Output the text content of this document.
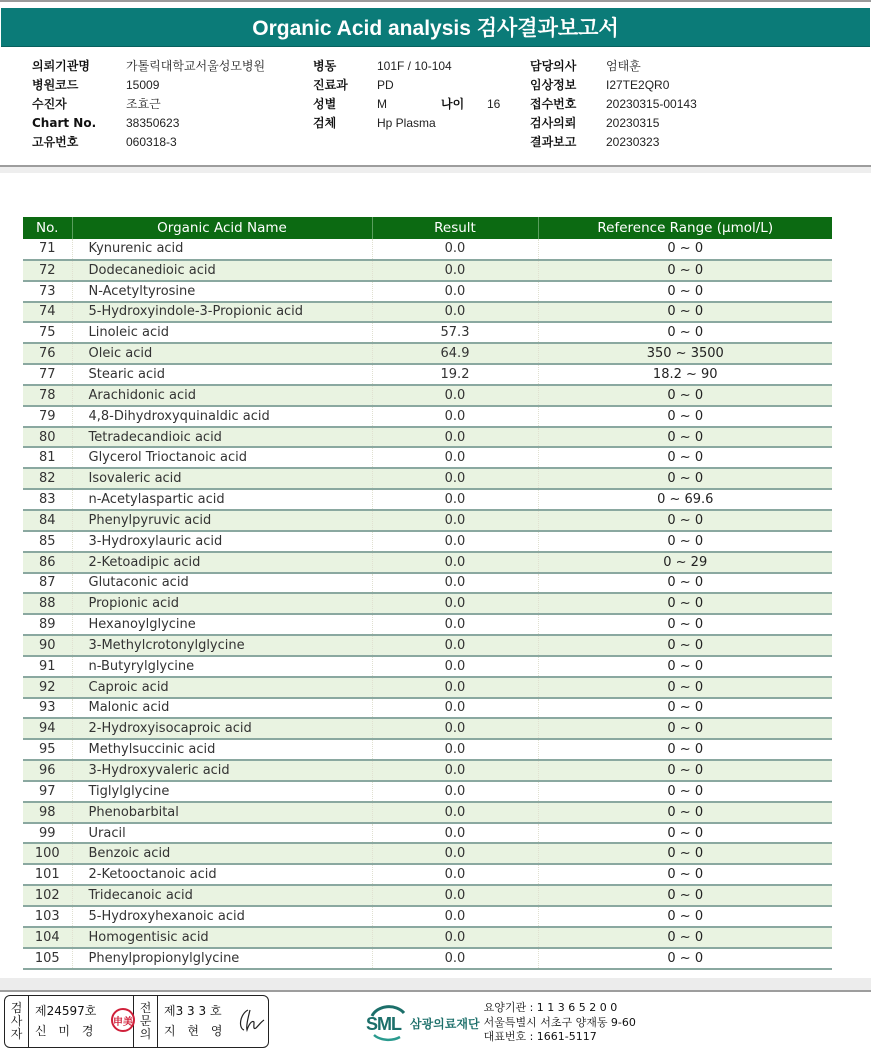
Organic Acid analysis 검사결과보고서
의뢰기관명	가톨릭대학교서울성모병원
병원코드	15009
수진자	조효근
Chart No.	38350623
고유번호	060318-3
병동	101F / 10-104
진료과	PD
성별	M	나이	16
검체	Hp Plasma
담당의사	엄태훈
임상정보	I27TE2QR0
접수번호	20230315-00143
검사의뢰	20230315
결과보고	20230323
No.	Organic Acid Name	Result	Reference Range (μmol/L)
71	Kynurenic acid	0.0	0 ~ 0
72	Dodecanedioic acid	0.0	0 ~ 0
73	N-Acetyltyrosine	0.0	0 ~ 0
74	5-Hydroxyindole-3-Propionic acid	0.0	0 ~ 0
75	Linoleic acid	57.3	0 ~ 0
76	Oleic acid	64.9	350 ~ 3500
77	Stearic acid	19.2	18.2 ~ 90
78	Arachidonic acid	0.0	0 ~ 0
79	4,8-Dihydroxyquinaldic acid	0.0	0 ~ 0
80	Tetradecandioic acid	0.0	0 ~ 0
81	Glycerol Trioctanoic acid	0.0	0 ~ 0
82	Isovaleric acid	0.0	0 ~ 0
83	n-Acetylaspartic acid	0.0	0 ~ 69.6
84	Phenylpyruvic acid	0.0	0 ~ 0
85	3-Hydroxylauric acid	0.0	0 ~ 0
86	2-Ketoadipic acid	0.0	0 ~ 29
87	Glutaconic acid	0.0	0 ~ 0
88	Propionic acid	0.0	0 ~ 0
89	Hexanoylglycine	0.0	0 ~ 0
90	3-Methylcrotonylglycine	0.0	0 ~ 0
91	n-Butyrylglycine	0.0	0 ~ 0
92	Caproic acid	0.0	0 ~ 0
93	Malonic acid	0.0	0 ~ 0
94	2-Hydroxyisocaproic acid	0.0	0 ~ 0
95	Methylsuccinic acid	0.0	0 ~ 0
96	3-Hydroxyvaleric acid	0.0	0 ~ 0
97	Tiglylglycine	0.0	0 ~ 0
98	Phenobarbital	0.0	0 ~ 0
99	Uracil	0.0	0 ~ 0
100	Benzoic acid	0.0	0 ~ 0
101	2-Ketooctanoic acid	0.0	0 ~ 0
102	Tridecanoic acid	0.0	0 ~ 0
103	5-Hydroxyhexanoic acid	0.0	0 ~ 0
104	Homogentisic acid	0.0	0 ~ 0
105	Phenylpropionylglycine	0.0	0 ~ 0
검
사
자
제24597호
신 미 경
申美
전
문
의
제3 3 3 호
지 현 영	SML 삼광의료재단
요양기관 : 1 1 3 6 5 2 0 0
서울특별시 서초구 양재동 9-60
대표번호 : 1661-5117
